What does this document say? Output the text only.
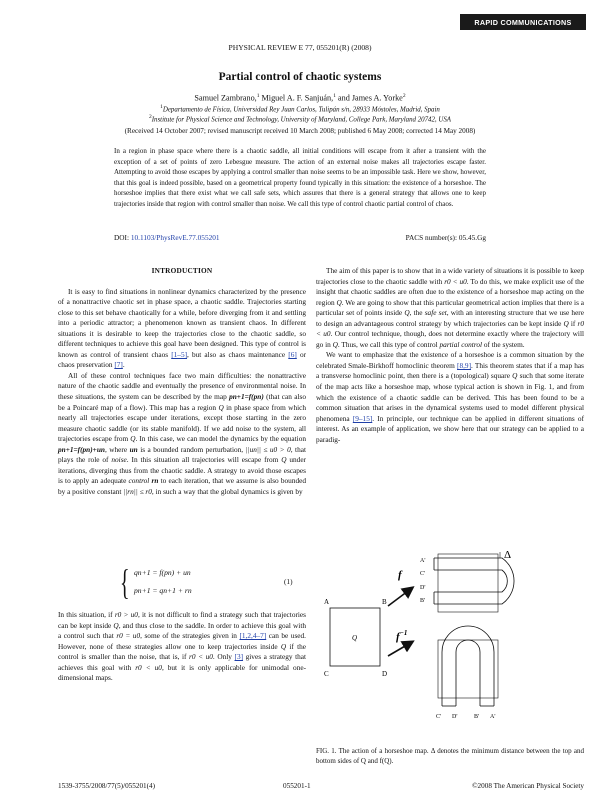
RAPID COMMUNICATIONS
PHYSICAL REVIEW E 77, 055201(R) (2008)
Partial control of chaotic systems
Samuel Zambrano,$^1$ Miguel A. F. Sanjuán,$^1$ and James A. Yorke$^2$
$^1$Departamento de Física, Universidad Rey Juan Carlos, Tulipán s/n, 28933 Móstoles, Madrid, Spain
$^2$Institute for Physical Science and Technology, University of Maryland, College Park, Maryland 20742, USA
(Received 14 October 2007; revised manuscript received 10 March 2008; published 6 May 2008; corrected 14 May 2008)

In a region in phase space where there is a chaotic saddle, all initial conditions will escape from it after a transient with the exception of a set of points of zero Lebesgue measure. The action of an external noise makes all trajectories escape faster. Attempting to avoid those escapes by applying a control smaller than noise seems to be an impossible task. Here we show, however, that this goal is indeed possible, based on a geometrical property found typically in this situation: the existence of a horseshoe. The horseshoe implies that there exist what we call safe sets, which assures that there is a general strategy that allows one to keep trajectories inside that region with control smaller than noise. We call this type of control chaotic partial control of chaos.

DOI: 10.1103/PhysRevE.77.055201	PACS number(s): 05.45.Gg
INTRODUCTION

It is easy to find situations in nonlinear dynamics characterized by the presence of a nonattractive chaotic set in phase space, a chaotic saddle. Trajectories starting close to this set behave chaotically for a while, before diverging from it and settling into a periodic attractor; a phenomenon known as transient chaos. In different situations it is desirable to keep the trajectories close to the chaotic saddle, so different techniques to achieve this goal have been designed. This type of control is known as control of transient chaos [1–5], but also as chaos maintenance [6] or chaos preservation [7].

All of these control techniques face two main difficulties: the nonattractive nature of the chaotic saddle and eventually the presence of environmental noise. In these situations, the system can be described by the map pn+1=f(pn) (that can also be a Poincaré map of a flow). This map has a region Q in phase space from which nearly all trajectories escape under iterations, except those starting in the zero measure chaotic saddle (or its stable manifold). If we add noise to the system, all trajectories escape from Q. In this case, we can model the dynamics by the equation pn+1=f(pn)+un, where un is a bounded random perturbation, ||un|| ≤ u0 > 0, that plays the role of noise. In this situation all trajectories will escape from Q under iterations, diverging thus from the chaotic saddle. A strategy to avoid those escapes is to apply an adequate control rn to each iteration, that we assume is also bounded by a positive constant ||rn|| ≤ r0, in such a way that the global dynamics is given by

{ qn+1 = f(pn) + un
pn+1 = qn+1 + rn
(1)

In this situation, if r0 > u0, it is not difficult to find a strategy such that trajectories can be kept inside Q, and thus close to the saddle. In order to achieve this goal with a control such that r0 = u0, some of the strategies given in [1,2,4–7] can be used. However, none of these strategies allow one to keep trajectories inside Q if the control is smaller than the noise, that is, if r0 < u0. Only [3] gives a strategy that achieves this goal with r0 < u0, but it is only applicable for unimodal one-dimensional maps.

The aim of this paper is to show that in a wide variety of situations it is possible to keep trajectories close to the chaotic saddle with r0 < u0. To do this, we make explicit use of the insight that chaotic saddles are often due to the existence of a horseshoe map acting on the region Q. We are going to show that this particular geometrical action implies that there is a particular set of points inside Q, the safe set, with an interesting structure that we use here to design an advantageous control strategy by which trajectories can be kept inside Q if r0 < u0. Our control technique, though, does not determine exactly where the trajectory will go in Q. Thus, we call this type of control partial control of the system.

We want to emphasize that the existence of a horseshoe is a common situation by the celebrated Smale-Birkhoff homoclinic theorem [8,9]. This theorem states that if a map has a transverse homoclinic point, then there is a (topological) square Q such that some iterate of the map acts like a horseshoe map, whose typical action is shown in Fig. 1, and from which the existence of a chaotic saddle can be derived. This has been found to be a common situation that arises in the dynamical systems used to model different physical phenomena [9–15]. In principle, our technique can be applied in different situations of interest. As an example of application, we show here that our strategy can be applied to a paradig-

A	B
C	D
Q
f
$f^{-1}$
Δ
A'
C'
D'
B'
C' D'	B' A'
FIG. 1. The action of a horseshoe map. Δ denotes the minimum distance between the top and bottom sides of Q and f(Q).
1539-3755/2008/77(5)/055201(4)	055201-1	©2008 The American Physical Society
